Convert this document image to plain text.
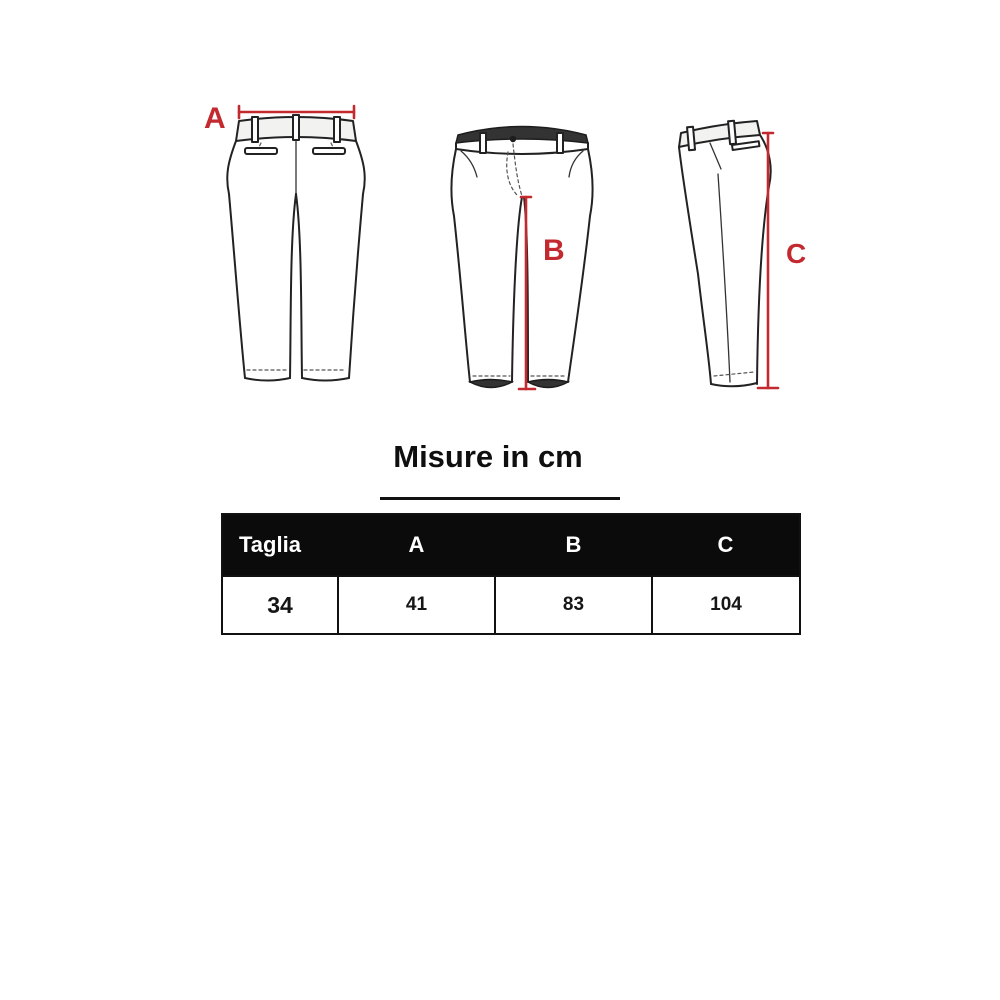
A
B	C
Misure in cm
Taglia	A	B	C
34	41	83	104
